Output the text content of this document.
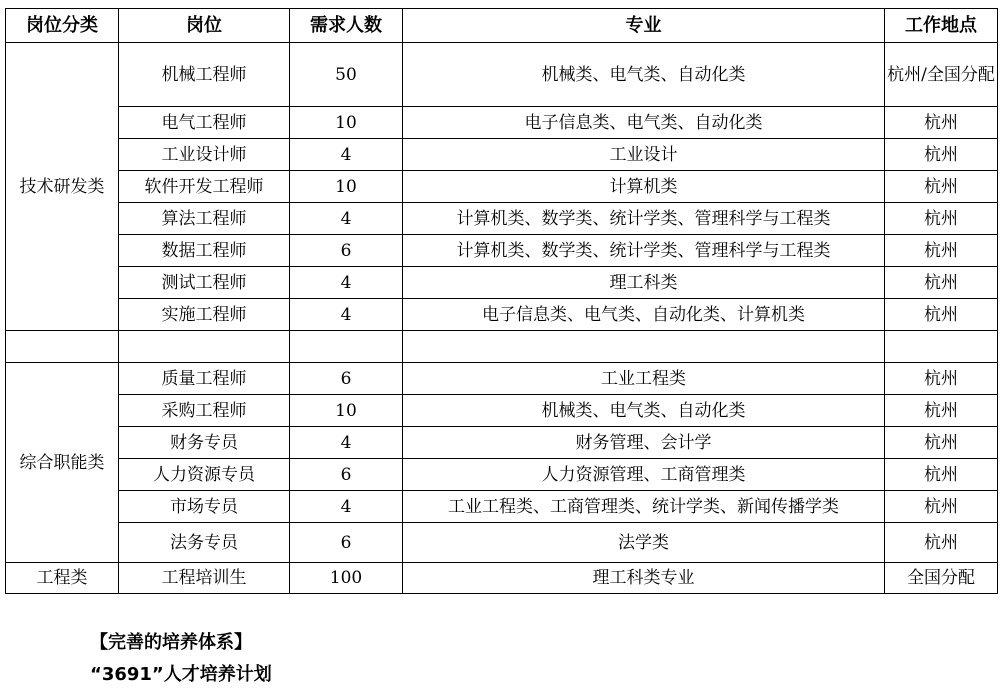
岗位分类	岗位	需求人数	专业	工作地点
技术研发类	机械工程师	50	机械类、电气类、自动化类	杭州/全国分配
	电气工程师	10	电子信息类、电气类、自动化类	杭州
	工业设计师	4	工业设计	杭州
	软件开发工程师	10	计算机类	杭州
	算法工程师	4	计算机类、数学类、统计学类、管理科学与工程类	杭州
	数据工程师	6	计算机类、数学类、统计学类、管理科学与工程类	杭州
	测试工程师	4	理工科类	杭州
	实施工程师	4	电子信息类、电气类、自动化类、计算机类	杭州

综合职能类	质量工程师	6	工业工程类	杭州
	采购工程师	10	机械类、电气类、自动化类	杭州
	财务专员	4	财务管理、会计学	杭州
	人力资源专员	6	人力资源管理、工商管理类	杭州
	市场专员	4	工业工程类、工商管理类、统计学类、新闻传播学类	杭州
	法务专员	6	法学类	杭州
工程类	工程培训生	100	理工科类专业	全国分配
【完善的培养体系】
“3691”人才培养计划
